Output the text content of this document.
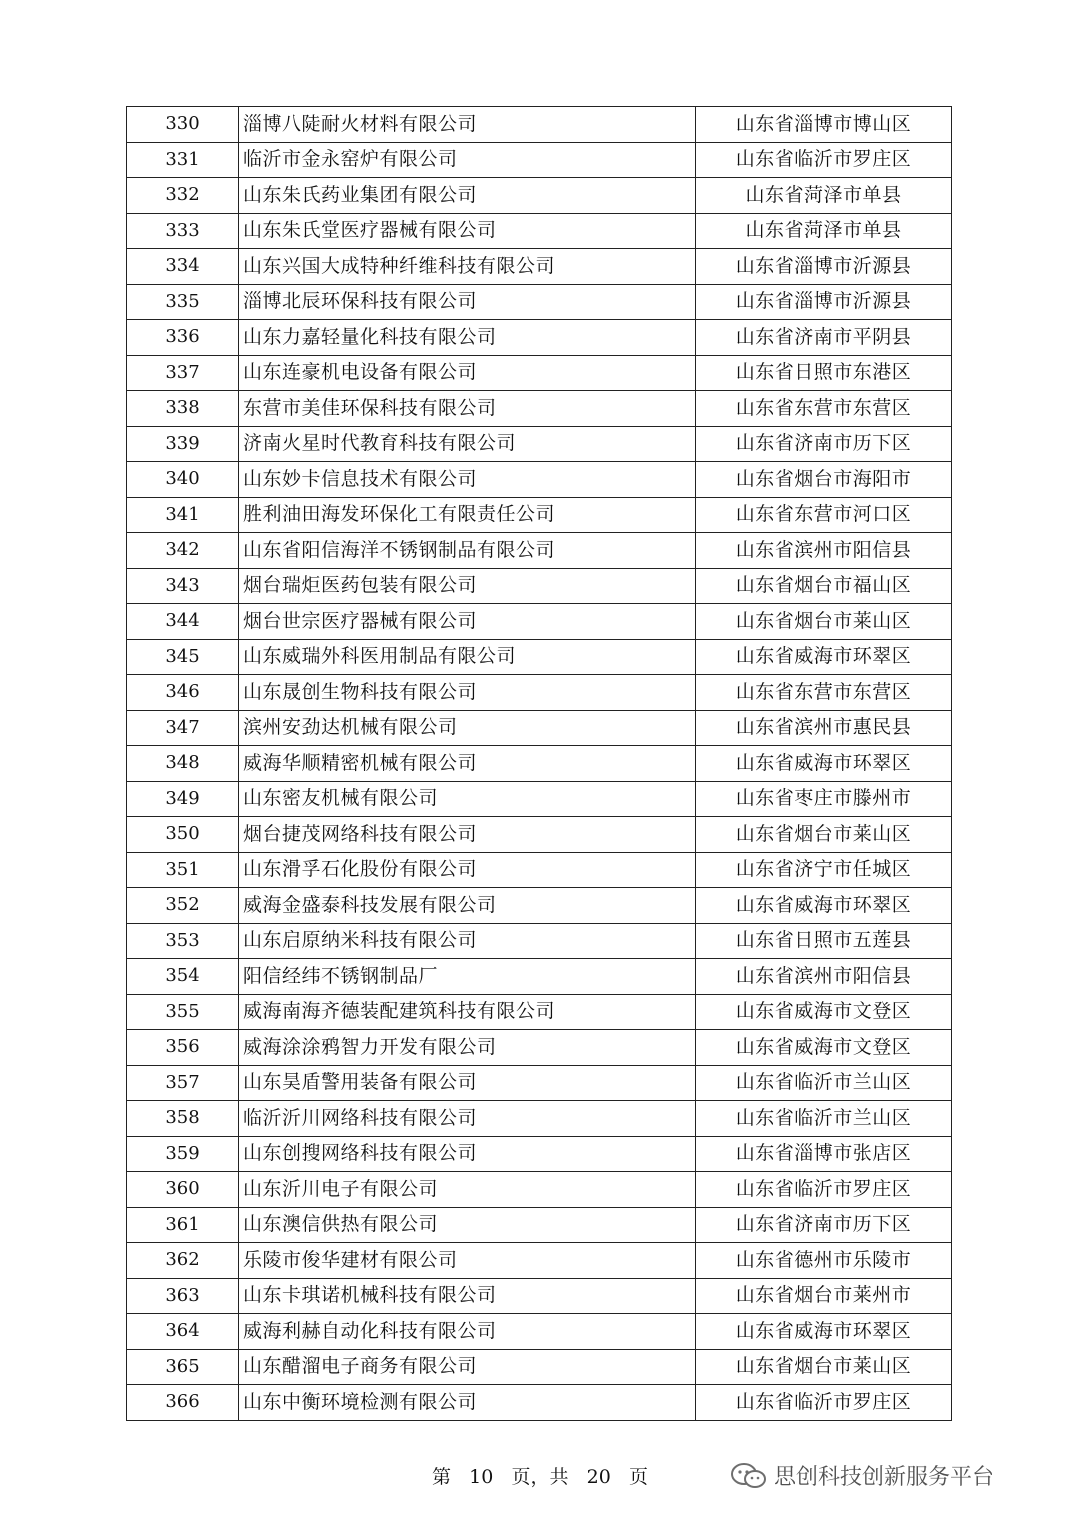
330	淄博八陡耐火材料有限公司	山东省淄博市博山区
331	临沂市金永窑炉有限公司	山东省临沂市罗庄区
332	山东朱氏药业集团有限公司	山东省菏泽市单县
333	山东朱氏堂医疗器械有限公司	山东省菏泽市单县
334	山东兴国大成特种纤维科技有限公司	山东省淄博市沂源县
335	淄博北辰环保科技有限公司	山东省淄博市沂源县
336	山东力嘉轻量化科技有限公司	山东省济南市平阴县
337	山东连豪机电设备有限公司	山东省日照市东港区
338	东营市美佳环保科技有限公司	山东省东营市东营区
339	济南火星时代教育科技有限公司	山东省济南市历下区
340	山东妙卡信息技术有限公司	山东省烟台市海阳市
341	胜利油田海发环保化工有限责任公司	山东省东营市河口区
342	山东省阳信海洋不锈钢制品有限公司	山东省滨州市阳信县
343	烟台瑞炬医药包装有限公司	山东省烟台市福山区
344	烟台世宗医疗器械有限公司	山东省烟台市莱山区
345	山东威瑞外科医用制品有限公司	山东省威海市环翠区
346	山东晟创生物科技有限公司	山东省东营市东营区
347	滨州安劲达机械有限公司	山东省滨州市惠民县
348	威海华顺精密机械有限公司	山东省威海市环翠区
349	山东密友机械有限公司	山东省枣庄市滕州市
350	烟台捷茂网络科技有限公司	山东省烟台市莱山区
351	山东滑孚石化股份有限公司	山东省济宁市任城区
352	威海金盛泰科技发展有限公司	山东省威海市环翠区
353	山东启原纳米科技有限公司	山东省日照市五莲县
354	阳信经纬不锈钢制品厂	山东省滨州市阳信县
355	威海南海齐德装配建筑科技有限公司	山东省威海市文登区
356	威海涂涂鸦智力开发有限公司	山东省威海市文登区
357	山东昊盾警用装备有限公司	山东省临沂市兰山区
358	临沂沂川网络科技有限公司	山东省临沂市兰山区
359	山东创搜网络科技有限公司	山东省淄博市张店区
360	山东沂川电子有限公司	山东省临沂市罗庄区
361	山东澳信供热有限公司	山东省济南市历下区
362	乐陵市俊华建材有限公司	山东省德州市乐陵市
363	山东卡琪诺机械科技有限公司	山东省烟台市莱州市
364	威海利赫自动化科技有限公司	山东省威海市环翠区
365	山东醋溜电子商务有限公司	山东省烟台市莱山区
366	山东中衡环境检测有限公司	山东省临沂市罗庄区
第 10 页，共 20 页	思创科技创新服务平台
